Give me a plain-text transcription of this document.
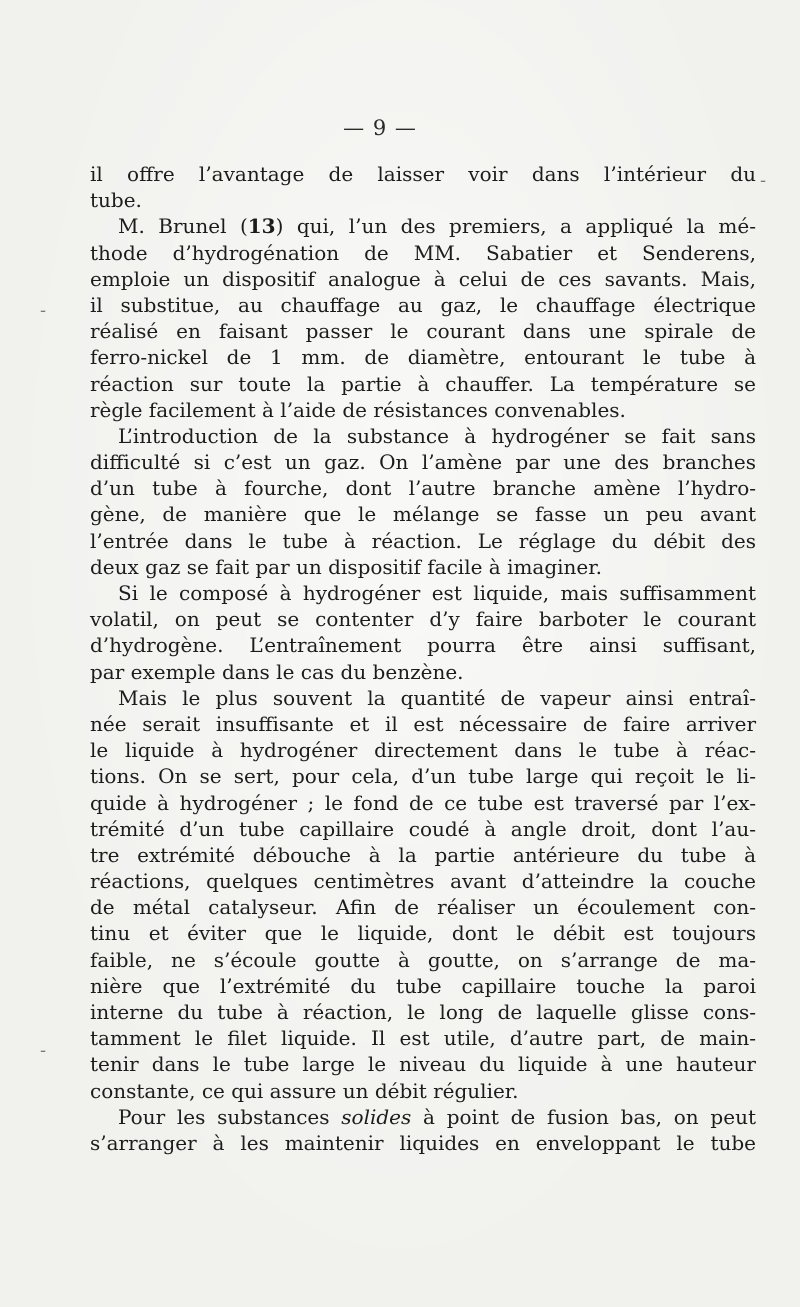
— 9 —
il offre l’avantage de laisser voir dans l’intérieur du
tube.
M. Brunel (13) qui, l’un des premiers, a appliqué la mé-
thode d’hydrogénation de MM. Sabatier et Senderens,
emploie un dispositif analogue à celui de ces savants. Mais,
il substitue, au chauffage au gaz, le chauffage électrique
réalisé en faisant passer le courant dans une spirale de
ferro-nickel de 1 mm. de diamètre, entourant le tube à
réaction sur toute la partie à chauffer. La température se
règle facilement à l’aide de résistances convenables.
L’introduction de la substance à hydrogéner se fait sans
difficulté si c’est un gaz. On l’amène par une des branches
d’un tube à fourche, dont l’autre branche amène l’hydro-
gène, de manière que le mélange se fasse un peu avant
l’entrée dans le tube à réaction. Le réglage du débit des
deux gaz se fait par un dispositif facile à imaginer.
Si le composé à hydrogéner est liquide, mais suffisamment
volatil, on peut se contenter d’y faire barboter le courant
d’hydrogène. L’entraînement pourra être ainsi suffisant,
par exemple dans le cas du benzène.
Mais le plus souvent la quantité de vapeur ainsi entraî-
née serait insuffisante et il est nécessaire de faire arriver
le liquide à hydrogéner directement dans le tube à réac-
tions. On se sert, pour cela, d’un tube large qui reçoit le li-
quide à hydrogéner ; le fond de ce tube est traversé par l’ex-
trémité d’un tube capillaire coudé à angle droit, dont l’au-
tre extrémité débouche à la partie antérieure du tube à
réactions, quelques centimètres avant d’atteindre la couche
de métal catalyseur. Afin de réaliser un écoulement con-
tinu et éviter que le liquide, dont le débit est toujours
faible, ne s’écoule goutte à goutte, on s’arrange de ma-
nière que l’extrémité du tube capillaire touche la paroi
interne du tube à réaction, le long de laquelle glisse cons-
tamment le filet liquide. Il est utile, d’autre part, de main-
tenir dans le tube large le niveau du liquide à une hauteur
constante, ce qui assure un débit régulier.
Pour les substances solides à point de fusion bas, on peut
s’arranger à les maintenir liquides en enveloppant le tube
-
-
-
